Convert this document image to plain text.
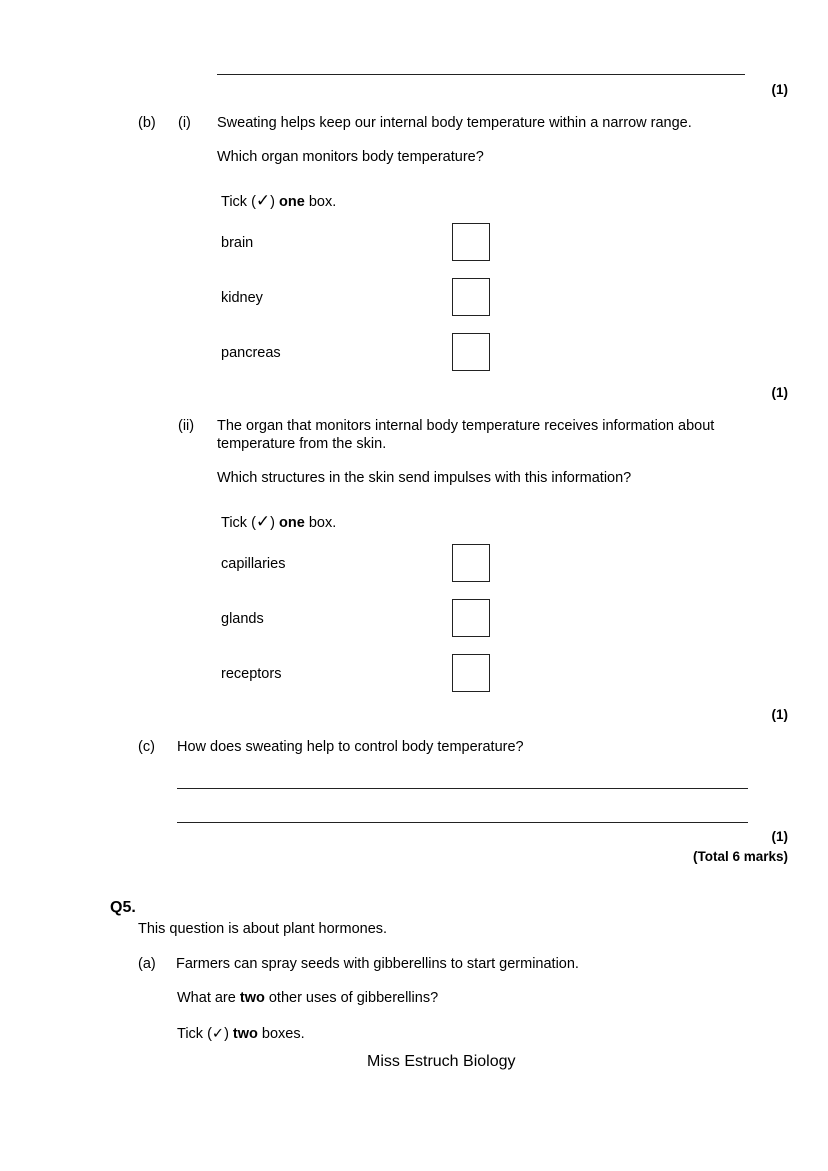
(1)
(b) (i) Sweating helps keep our internal body temperature within a narrow range.
Which organ monitors body temperature?
Tick (✓) one box.
brain
kidney
pancreas
(1)
(ii) The organ that monitors internal body temperature receives information about
temperature from the skin.
Which structures in the skin send impulses with this information?
Tick (✓) one box.
capillaries
glands
receptors
(1)
(c) How does sweating help to control body temperature?
(1)
(Total 6 marks)
Q5.
This question is about plant hormones.
(a) Farmers can spray seeds with gibberellins to start germination.
What are two other uses of gibberellins?
Tick (✓) two boxes.
Miss Estruch Biology
